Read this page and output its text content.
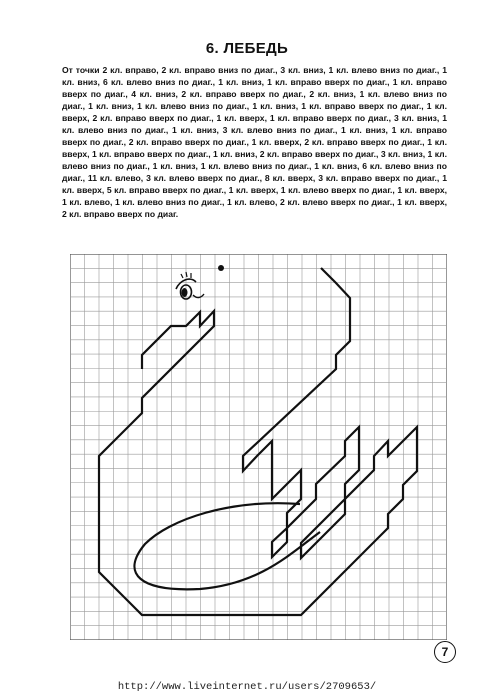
6. ЛЕБЕДЬ
От точки 2 кл. вправо, 2 кл. вправо вниз по диаг., 3 кл. вниз, 1 кл. влево вниз по диаг., 1 кл. вниз, 6 кл. влево вниз по диаг., 1 кл. вниз, 1 кл. вправо вверх по диаг., 1 кл. вправо вверх по диаг., 4 кл. вниз, 2 кл. вправо вверх по диаг., 2 кл. вниз, 1 кл. влево вниз по диаг., 1 кл. вниз, 1 кл. влево вниз по диаг., 1 кл. вниз, 1 кл. вправо вверх по диаг., 1 кл. вверх, 2 кл. вправо вверх по диаг., 1 кл. вверх, 1 кл. вправо вверх по диаг., 3 кл. вниз, 1 кл. влево вниз по диаг., 1 кл. вниз, 3 кл. влево вниз по диаг., 1 кл. вниз, 1 кл. вправо вверх по диаг., 2 кл. вправо вверх по диаг., 1 кл. вверх, 2 кл. вправо вверх по диаг., 1 кл. вверх, 1 кл. вправо вверх по диаг., 1 кл. вниз, 2 кл. вправо вверх по диаг., 3 кл. вниз, 1 кл. влево вниз по диаг., 1 кл. вниз, 1 кл. влево вниз по диаг., 1 кл. вниз, 6 кл. влево вниз по диаг., 11 кл. влево, 3 кл. влево вверх по диаг., 8 кл. вверх, 3 кл. вправо вверх по диаг., 1 кл. вверх, 5 кл. вправо вверх по диаг., 1 кл. вверх, 1 кл. влево вверх по диаг., 1 кл. вверх, 1 кл. влево, 1 кл. влево вниз по диаг., 1 кл. влево, 2 кл. влево вверх по диаг., 1 кл. вверх, 2 кл. вправо вверх по диаг.
7
http://www.liveinternet.ru/users/2709653/
